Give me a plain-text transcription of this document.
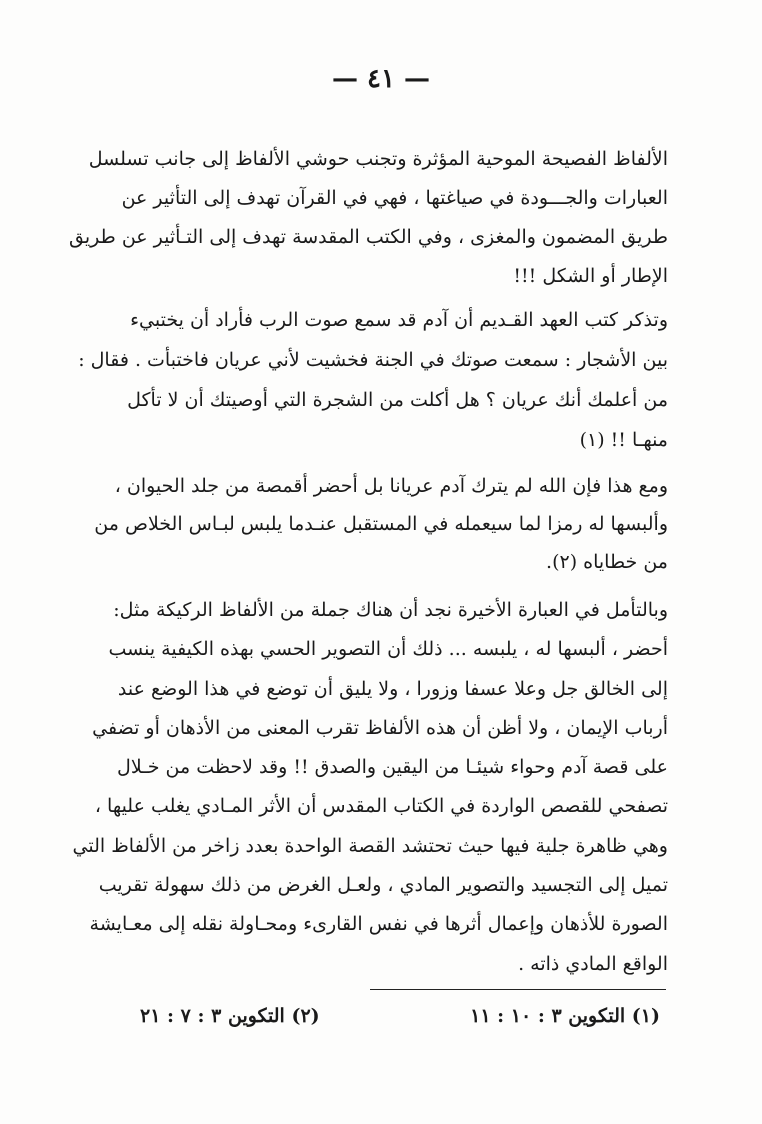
— ٤١ —
الألفاظ الفصيحة الموحية المؤثرة وتجنب حوشي الألفاظ إلى جانب تسلسل
العبارات والجـــودة في صياغتها ، فهي في القرآن تهدف إلى التأثير عن
طريق المضمون والمغزى ، وفي الكتب المقدسة تهدف إلى التـأثير عن طريق
الإطار أو الشكل !!!
وتذكر كتب العهد القـديم أن آدم قد سمع صوت الرب فأراد أن يختبيء
بين الأشجار : سمعت صوتك في الجنة فخشيت لأني عريان فاختبأت . فقال :
من أعلمك أنك عريان ؟ هل أكلت من الشجرة التي أوصيتك أن لا تأكل
منهـا !! (١)
ومع هذا فإن الله لم يترك آدم عريانا بل أحضر أقمصة من جلد الحيوان ،
وألبسها له رمزا لما سيعمله في المستقبل عنـدما يلبس لبـاس الخلاص من
من خطاياه (٢).
وبالتأمل في العبارة الأخيرة نجد أن هناك جملة من الألفاظ الركيكة مثل:
أحضر ، ألبسها له ، يلبسه ... ذلك أن التصوير الحسي بهذه الكيفية ينسب
إلى الخالق جل وعلا عسفا وزورا ، ولا يليق أن توضع في هذا الوضع عند
أرباب الإيمان ، ولا أظن أن هذه الألفاظ تقرب المعنى من الأذهان أو تضفي
على قصة آدم وحواء شيئـا من اليقين والصدق !! وقد لاحظت من خـلال
تصفحي للقصص الواردة في الكتاب المقدس أن الأثر المـادي يغلب عليها ،
وهي ظاهرة جلية فيها حيث تحتشد القصة الواحدة بعدد زاخر من الألفاظ التي
تميل إلى التجسيد والتصوير المادي ، ولعـل الغرض من ذلك سهولة تقريب
الصورة للأذهان وإعمال أثرها في نفس القارىء ومحـاولة نقله إلى معـايشة
الواقع المادي ذاته .
(١) التكوين ٣ : ١٠ : ١١
(٢) التكوين ٣ : ٧ : ٢١
